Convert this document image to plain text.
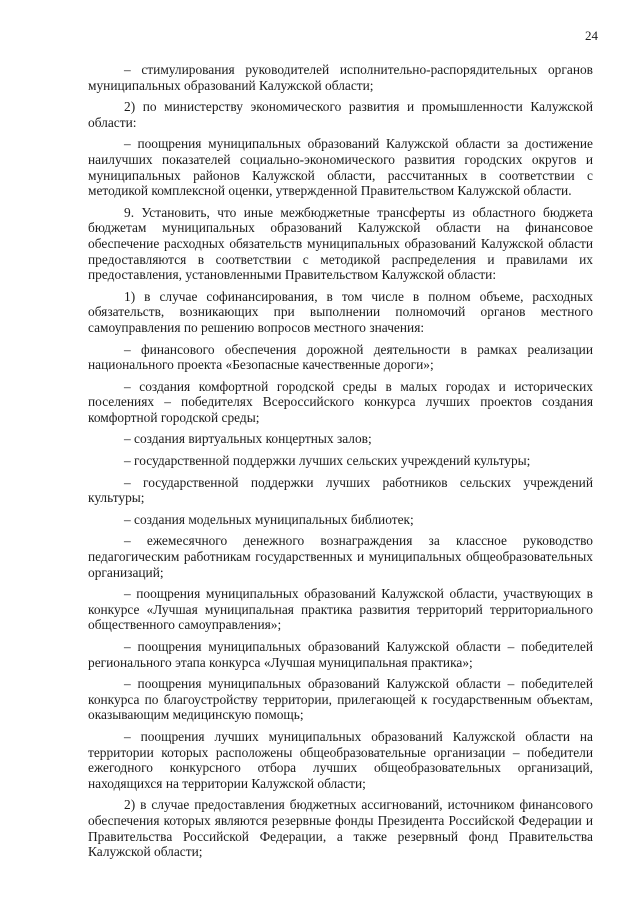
24

– стимулирования руководителей исполнительно-распорядительных органов муниципальных образований Калужской области;

2) по министерству экономического развития и промышленности Калужской области:

– поощрения муниципальных образований Калужской области за достижение наилучших показателей социально-экономического развития городских округов и муниципальных районов Калужской области, рассчитанных в соответствии с методикой комплексной оценки, утвержденной Правительством Калужской области.

9. Установить, что иные межбюджетные трансферты из областного бюджета бюджетам муниципальных образований Калужской области на финансовое обеспечение расходных обязательств муниципальных образований Калужской области предоставляются в соответствии с методикой распределения и правилами их предоставления, установленными Правительством Калужской области:

1) в случае софинансирования, в том числе в полном объеме, расходных обязательств, возникающих при выполнении полномочий органов местного самоуправления по решению вопросов местного значения:

– финансового обеспечения дорожной деятельности в рамках реализации национального проекта «Безопасные качественные дороги»;

– создания комфортной городской среды в малых городах и исторических поселениях – победителях Всероссийского конкурса лучших проектов создания комфортной городской среды;

– создания виртуальных концертных залов;

– государственной поддержки лучших сельских учреждений культуры;

– государственной поддержки лучших работников сельских учреждений культуры;

– создания модельных муниципальных библиотек;

– ежемесячного денежного вознаграждения за классное руководство педагогическим работникам государственных и муниципальных общеобразовательных организаций;

– поощрения муниципальных образований Калужской области, участвующих в конкурсе «Лучшая муниципальная практика развития территорий территориального общественного самоуправления»;

– поощрения муниципальных образований Калужской области – победителей регионального этапа конкурса «Лучшая муниципальная практика»;

– поощрения муниципальных образований Калужской области – победителей конкурса по благоустройству территории, прилегающей к государственным объектам, оказывающим медицинскую помощь;

– поощрения лучших муниципальных образований Калужской области на территории которых расположены общеобразовательные организации – победители ежегодного конкурсного отбора лучших общеобразовательных организаций, находящихся на территории Калужской области;

2) в случае предоставления бюджетных ассигнований, источником финансового обеспечения которых являются резервные фонды Президента Российской Федерации и Правительства Российской Федерации, а также резервный фонд Правительства Калужской области;
